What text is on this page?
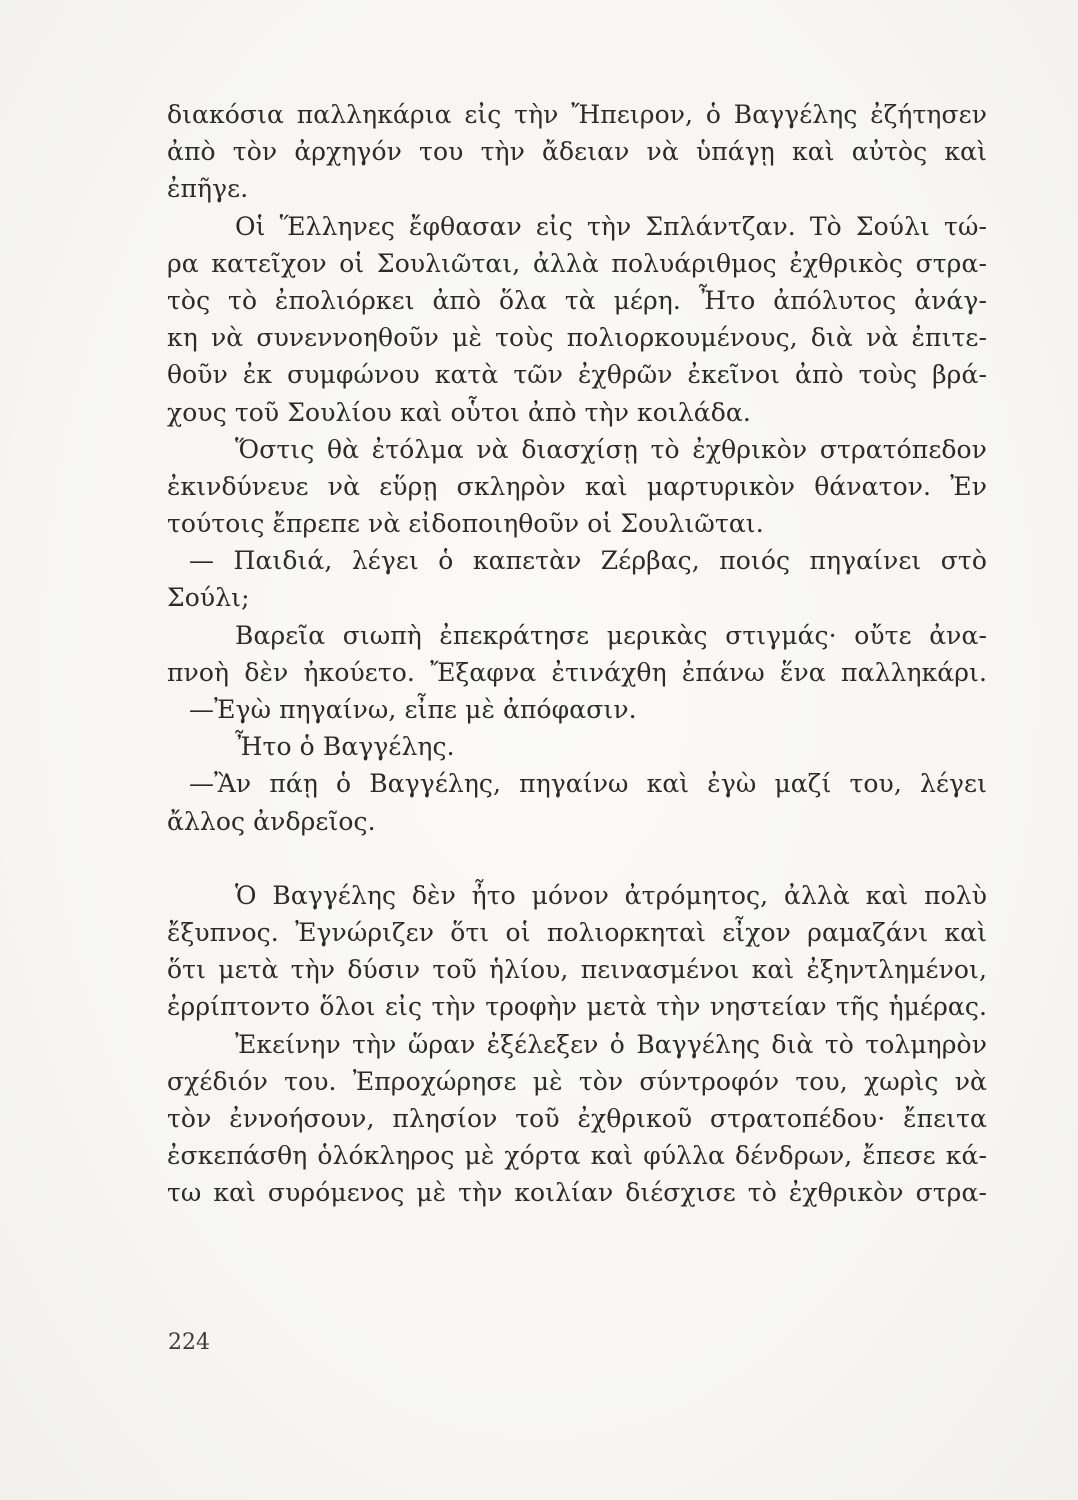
διακόσια παλληκάρια εἰς τὴν Ἤπειρον, ὁ Βαγγέλης ἐζήτησεν
ἀπὸ τὸν ἀρχηγόν του τὴν ἄδειαν νὰ ὑπάγῃ καὶ αὐτὸς καὶ
ἐπῆγε.
Οἱ Ἕλληνες ἔφθασαν εἰς τὴν Σπλάντζαν. Τὸ Σούλι τώ-
ρα κατεῖχον οἱ Σουλιῶται, ἀλλὰ πολυάριθμος ἐχθρικὸς στρα-
τὸς τὸ ἐπολιόρκει ἀπὸ ὅλα τὰ μέρη. Ἦτο ἀπόλυτος ἀνάγ-
κη νὰ συνεννοηθοῦν μὲ τοὺς πολιορκουμένους, διὰ νὰ ἐπιτε-
θοῦν ἐκ συμφώνου κατὰ τῶν ἐχθρῶν ἐκεῖνοι ἀπὸ τοὺς βρά-
χους τοῦ Σουλίου καὶ οὗτοι ἀπὸ τὴν κοιλάδα.
Ὅστις θὰ ἐτόλμα νὰ διασχίσῃ τὸ ἐχθρικὸν στρατόπεδον
ἐκινδύνευε νὰ εὕρῃ σκληρὸν καὶ μαρτυρικὸν θάνατον. Ἐν
τούτοις ἔπρεπε νὰ εἰδοποιηθοῦν οἱ Σουλιῶται.
— Παιδιά, λέγει ὁ καπετὰν Ζέρβας, ποιός πηγαίνει στὸ
Σούλι;
Βαρεῖα σιωπὴ ἐπεκράτησε μερικὰς στιγμάς· οὔτε ἀνα-
πνοὴ δὲν ἠκούετο. Ἔξαφνα ἐτινάχθη ἐπάνω ἕνα παλληκάρι.
—Ἐγὼ πηγαίνω, εἶπε μὲ ἀπόφασιν.
Ἦτο ὁ Βαγγέλης.
—Ἂν πάῃ ὁ Βαγγέλης, πηγαίνω καὶ ἐγὼ μαζί του, λέγει
ἄλλος ἀνδρεῖος.
Ὁ Βαγγέλης δὲν ἦτο μόνον ἀτρόμητος, ἀλλὰ καὶ πολὺ
ἔξυπνος. Ἐγνώριζεν ὅτι οἱ πολιορκηταὶ εἶχον ραμαζάνι καὶ
ὅτι μετὰ τὴν δύσιν τοῦ ἡλίου, πεινασμένοι καὶ ἐξηντλημένοι,
ἐρρίπτοντο ὅλοι εἰς τὴν τροφὴν μετὰ τὴν νηστείαν τῆς ἡμέρας.
Ἐκείνην τὴν ὥραν ἐξέλεξεν ὁ Βαγγέλης διὰ τὸ τολμηρὸν
σχέδιόν του. Ἐπροχώρησε μὲ τὸν σύντροφόν του, χωρὶς νὰ
τὸν ἐννοήσουν, πλησίον τοῦ ἐχθρικοῦ στρατοπέδου· ἔπειτα
ἐσκεπάσθη ὁλόκληρος μὲ χόρτα καὶ φύλλα δένδρων, ἔπεσε κά-
τω καὶ συρόμενος μὲ τὴν κοιλίαν διέσχισε τὸ ἐχθρικὸν στρα-
224
